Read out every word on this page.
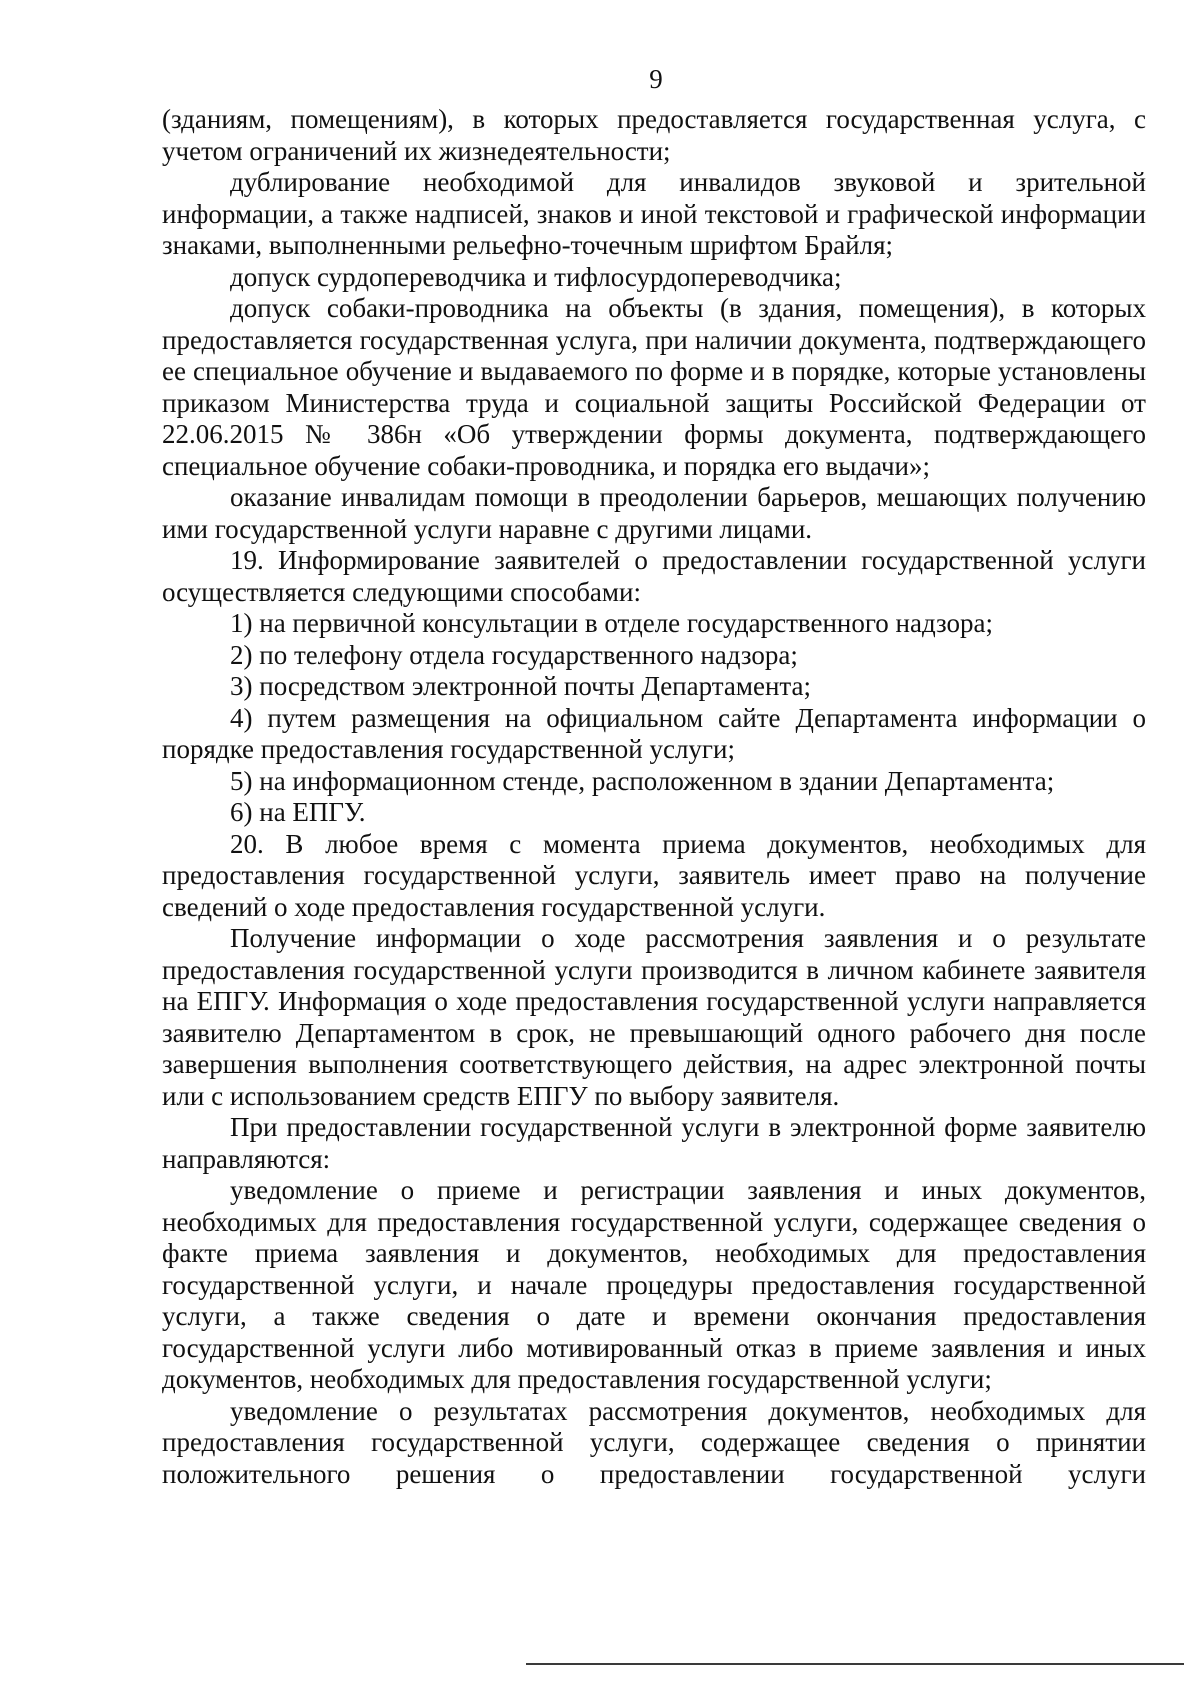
9

(зданиям, помещениям), в которых предоставляется государственная услуга, с учетом ограничений их жизнедеятельности;

дублирование необходимой для инвалидов звуковой и зрительной информации, а также надписей, знаков и иной текстовой и графической информации знаками, выполненными рельефно-точечным шрифтом Брайля;

допуск сурдопереводчика и тифлосурдопереводчика;

допуск собаки-проводника на объекты (в здания, помещения), в которых предоставляется государственная услуга, при наличии документа, подтверждающего ее специальное обучение и выдаваемого по форме и в порядке, которые установлены приказом Министерства труда и социальной защиты Российской Федерации от 22.06.2015 № 386н «Об утверждении формы документа, подтверждающего специальное обучение собаки-проводника, и порядка его выдачи»;

оказание инвалидам помощи в преодолении барьеров, мешающих получению ими государственной услуги наравне с другими лицами.

19. Информирование заявителей о предоставлении государственной услуги осуществляется следующими способами:

1) на первичной консультации в отделе государственного надзора;

2) по телефону отдела государственного надзора;

3) посредством электронной почты Департамента;

4) путем размещения на официальном сайте Департамента информации о порядке предоставления государственной услуги;

5) на информационном стенде, расположенном в здании Департамента;

6) на ЕПГУ.

20. В любое время с момента приема документов, необходимых для предоставления государственной услуги, заявитель имеет право на получение сведений о ходе предоставления государственной услуги.

Получение информации о ходе рассмотрения заявления и о результате предоставления государственной услуги производится в личном кабинете заявителя на ЕПГУ. Информация о ходе предоставления государственной услуги направляется заявителю Департаментом в срок, не превышающий одного рабочего дня после завершения выполнения соответствующего действия, на адрес электронной почты или с использованием средств ЕПГУ по выбору заявителя.

При предоставлении государственной услуги в электронной форме заявителю направляются:

уведомление о приеме и регистрации заявления и иных документов, необходимых для предоставления государственной услуги, содержащее сведения о факте приема заявления и документов, необходимых для предоставления государственной услуги, и начале процедуры предоставления государственной услуги, а также сведения о дате и времени окончания предоставления государственной услуги либо мотивированный отказ в приеме заявления и иных документов, необходимых для предоставления государственной услуги;

уведомление о результатах рассмотрения документов, необходимых для предоставления государственной услуги, содержащее сведения о принятии положительного решения о предоставлении государственной услуги
